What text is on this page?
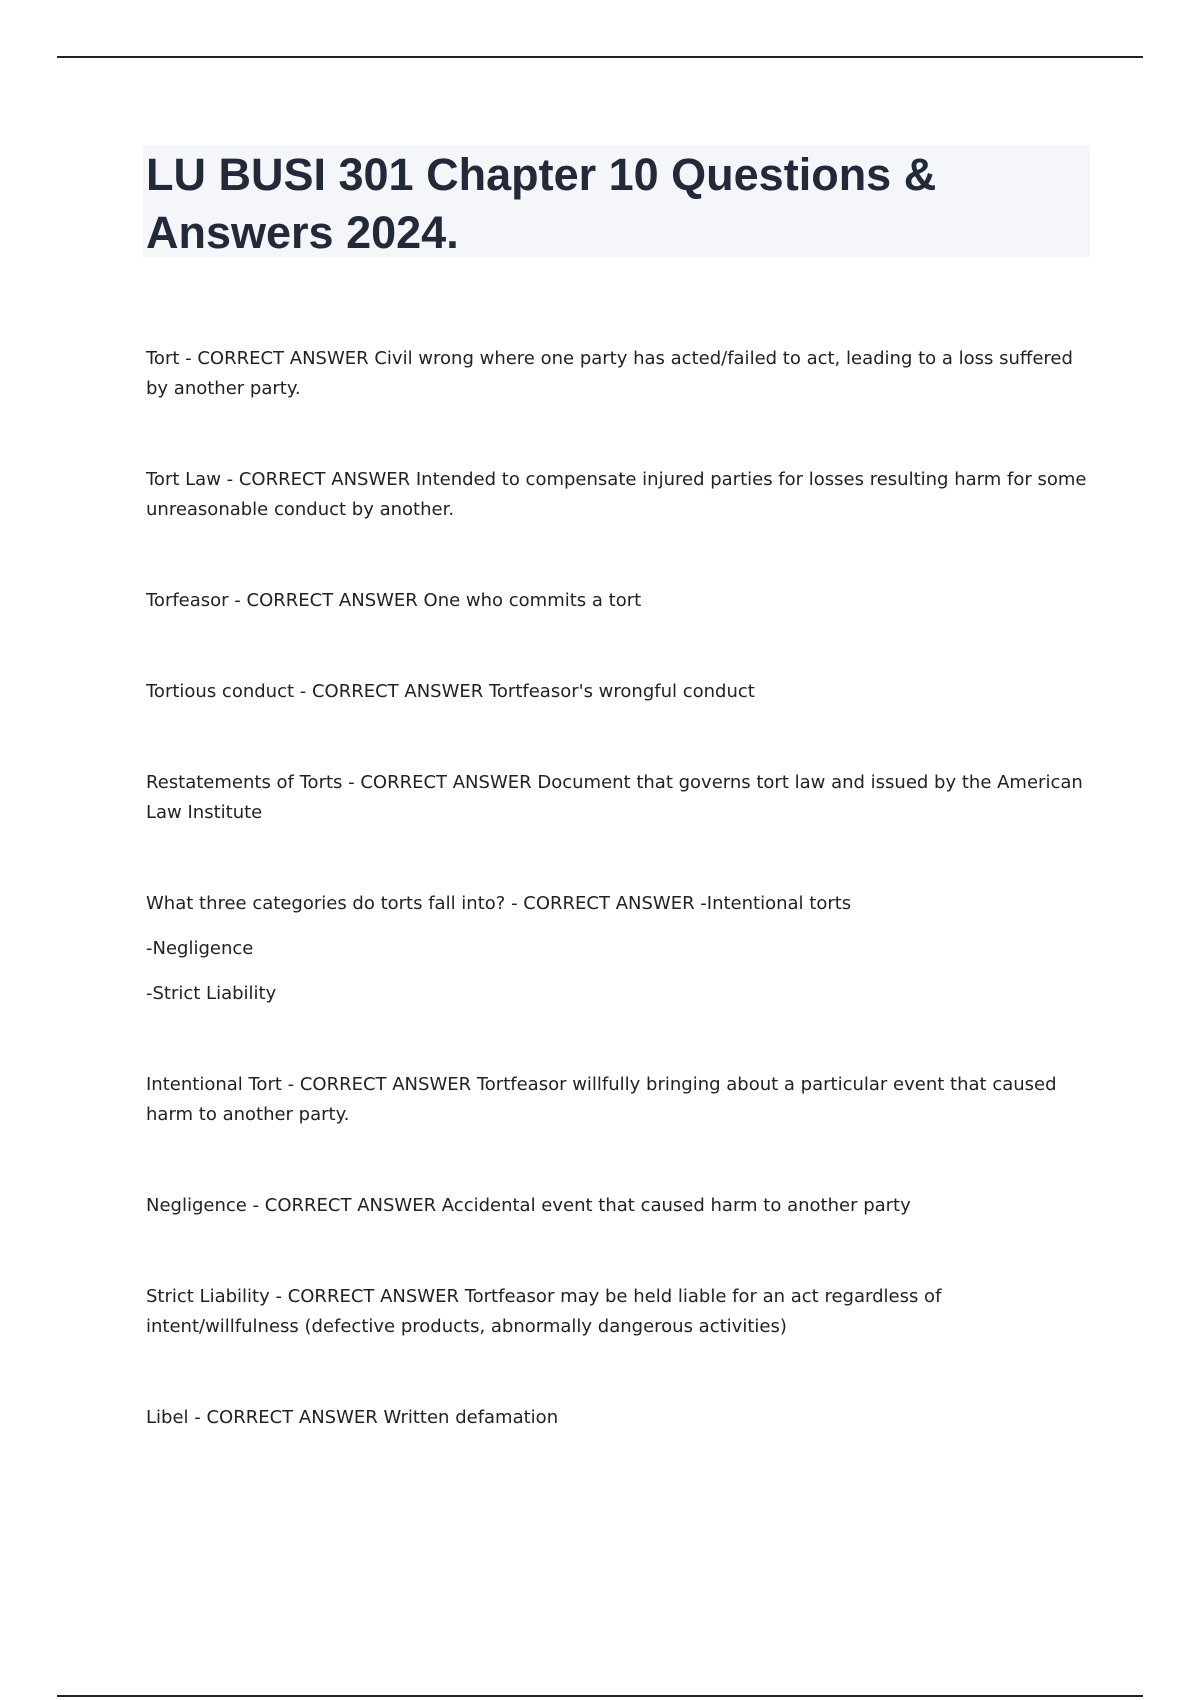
LU BUSI 301 Chapter 10 Questions & Answers 2024.

Tort - CORRECT ANSWER Civil wrong where one party has acted/failed to act, leading to a loss suffered
by another party.

Tort Law - CORRECT ANSWER Intended to compensate injured parties for losses resulting harm for some
unreasonable conduct by another.

Torfeasor - CORRECT ANSWER One who commits a tort

Tortious conduct - CORRECT ANSWER Tortfeasor's wrongful conduct

Restatements of Torts - CORRECT ANSWER Document that governs tort law and issued by the American
Law Institute

What three categories do torts fall into? - CORRECT ANSWER -Intentional torts
-Negligence
-Strict Liability

Intentional Tort - CORRECT ANSWER Tortfeasor willfully bringing about a particular event that caused
harm to another party.

Negligence - CORRECT ANSWER Accidental event that caused harm to another party

Strict Liability - CORRECT ANSWER Tortfeasor may be held liable for an act regardless of
intent/willfulness (defective products, abnormally dangerous activities)

Libel - CORRECT ANSWER Written defamation
